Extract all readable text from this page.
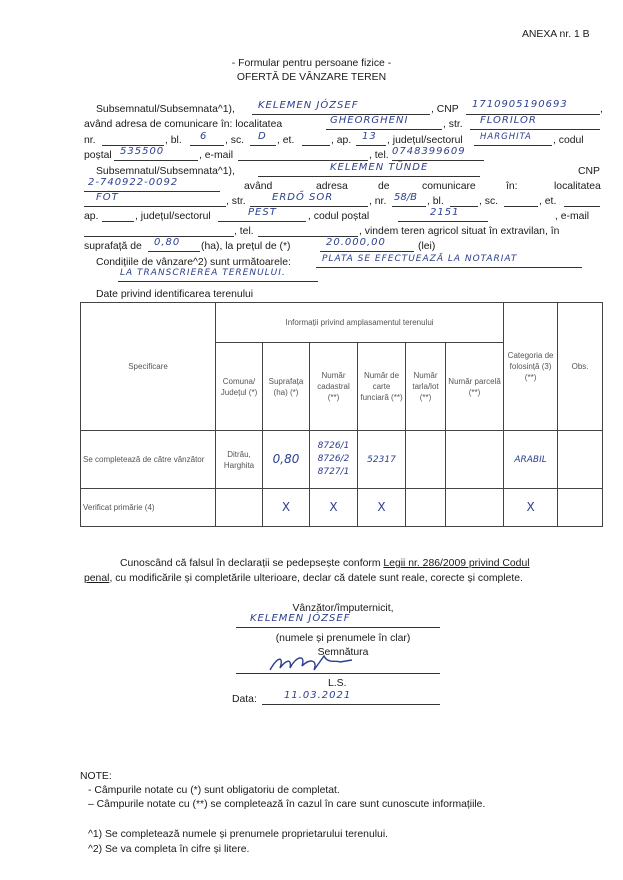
ANEXA nr. 1 B
- Formular pentru persoane fizice -
OFERTĂ DE VÂNZARE TEREN
Subsemnatul/Subsemnata^1), KELEMEN JÓZSEF	, CNP 1710905190693	,
având adresa de comunicare în: localitatea	GHEORGHENI	, str. FLORILOR
nr.	, bl. 6 , sc. D , et.	, ap. 13 , județul/sectorul HARGHITA , codul
poștal 535500	, e-mail	, tel. 0748399609
Subsemnatul/Subsemnata^1),	KELEMEN TÜNDE	CNP
2-740922-0092	având	adresa	de	comunicare	în:	localitatea
FÓT	, str.	ERDŐ SOR	, nr. 58/B , bl.	, sc.	, et.
ap.	, județul/sectorul	PEST	, codul poștal	2151	, e-mail
, tel.	, vindem teren agricol situat în extravilan, în
suprafață de 0,80 (ha), la prețul de (*)	20.000,00	(lei)
Condițiile de vânzare^2) sunt următoarele:	PLATA SE EFECTUEAZĂ LA NOTARIAT
LA TRANSCRIEREA TERENULUI.
Date privind identificarea terenului
Specificare	Informații privind amplasamentul terenului						Categoria de folosință (3) (**)	Obs.
	Comuna/ Județul (*)	Suprafața (ha) (*)	Număr cadastral (**)	Număr de carte funciară (**)	Număr tarla/lot (**)	Număr parcelă (**)		
Se completează de către vânzător	Ditrău, Harghita	0,80	8726/1
8726/2
8727/1	52317			ARABIL	
Verificat primărie (4)		X	X	X			X	
Cunoscând că falsul în declarații se pedepsește conform Legii nr. 286/2009 privind Codul
penal, cu modificările și completările ulterioare, declar că datele sunt reale, corecte și complete.
Vânzător/împuternicit,
KELEMEN JÓZSEF
(numele și prenumele în clar)
Semnătura
L.S.
Data:	11.03.2021
NOTE:
- Câmpurile notate cu (*) sunt obligatoriu de completat.
– Câmpurile notate cu (**) se completează în cazul în care sunt cunoscute informațiile.
^1) Se completează numele și prenumele proprietarului terenului.
^2) Se va completa în cifre și litere.
